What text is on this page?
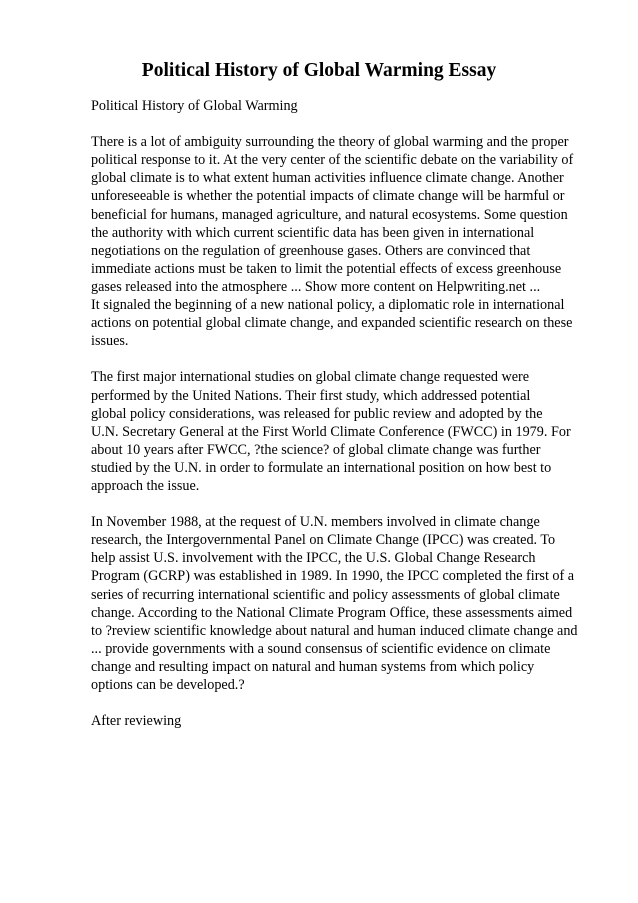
Political History of Global Warming Essay
Political History of Global Warming
There is a lot of ambiguity surrounding the theory of global warming and the proper
political response to it. At the very center of the scientific debate on the variability of
global climate is to what extent human activities influence climate change. Another
unforeseeable is whether the potential impacts of climate change will be harmful or
beneficial for humans, managed agriculture, and natural ecosystems. Some question
the authority with which current scientific data has been given in international
negotiations on the regulation of greenhouse gases. Others are convinced that
immediate actions must be taken to limit the potential effects of excess greenhouse
gases released into the atmosphere ... Show more content on Helpwriting.net ...
It signaled the beginning of a new national policy, a diplomatic role in international
actions on potential global climate change, and expanded scientific research on these
issues.
The first major international studies on global climate change requested were
performed by the United Nations. Their first study, which addressed potential
global policy considerations, was released for public review and adopted by the
U.N. Secretary General at the First World Climate Conference (FWCC) in 1979. For
about 10 years after FWCC, ?the science? of global climate change was further
studied by the U.N. in order to formulate an international position on how best to
approach the issue.
In November 1988, at the request of U.N. members involved in climate change
research, the Intergovernmental Panel on Climate Change (IPCC) was created. To
help assist U.S. involvement with the IPCC, the U.S. Global Change Research
Program (GCRP) was established in 1989. In 1990, the IPCC completed the first of a
series of recurring international scientific and policy assessments of global climate
change. According to the National Climate Program Office, these assessments aimed
to ?review scientific knowledge about natural and human induced climate change and
... provide governments with a sound consensus of scientific evidence on climate
change and resulting impact on natural and human systems from which policy
options can be developed.?
After reviewing
